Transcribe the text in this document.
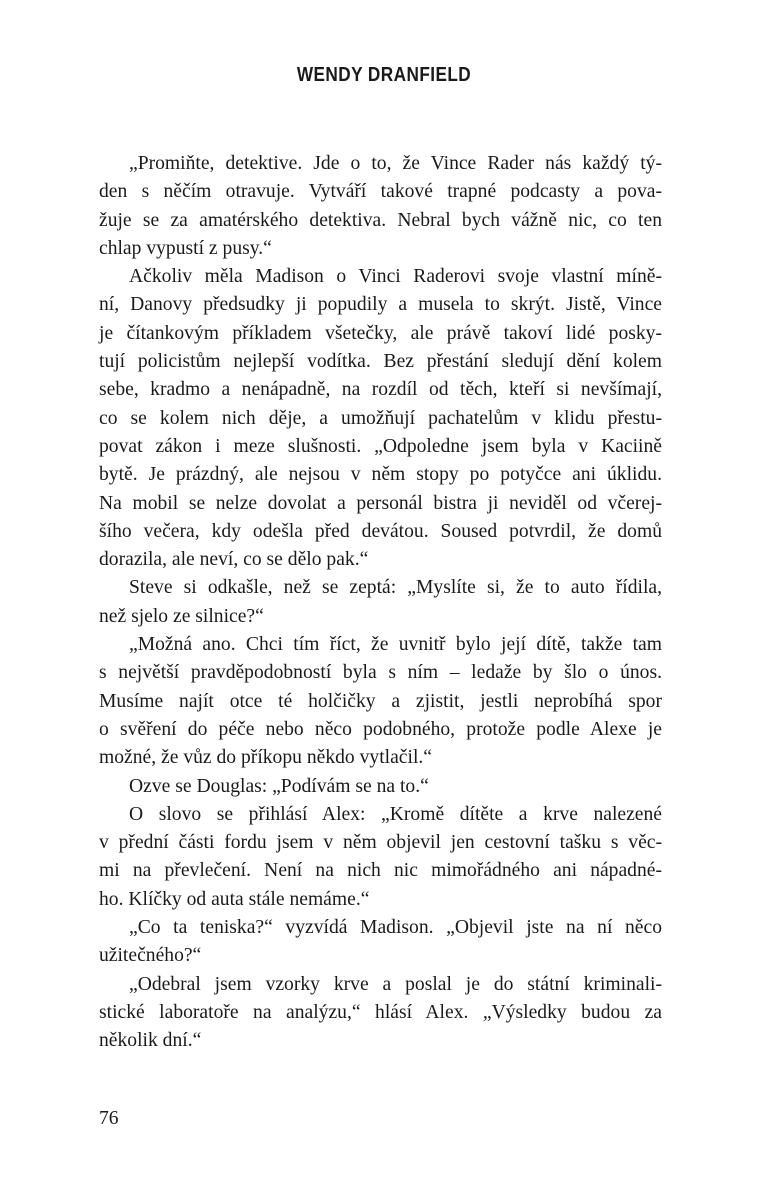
WENDY DRANFIELD
„Promiňte, detektive. Jde o to, že Vince Rader nás každý tý-
den s něčím otravuje. Vytváří takové trapné podcasty a pova-
žuje se za amatérského detektiva. Nebral bych vážně nic, co ten
chlap vypustí z pusy.“
Ačkoliv měla Madison o Vinci Raderovi svoje vlastní míně-
ní, Danovy předsudky ji popudily a musela to skrýt. Jistě, Vince
je čítankovým příkladem všetečky, ale právě takoví lidé posky-
tují policistům nejlepší vodítka. Bez přestání sledují dění kolem
sebe, kradmo a nenápadně, na rozdíl od těch, kteří si nevšímají,
co se kolem nich děje, a umožňují pachatelům v klidu přestu-
povat zákon i meze slušnosti. „Odpoledne jsem byla v Kaciině
bytě. Je prázdný, ale nejsou v něm stopy po potyčce ani úklidu.
Na mobil se nelze dovolat a personál bistra ji neviděl od včerej-
šího večera, kdy odešla před devátou. Soused potvrdil, že domů
dorazila, ale neví, co se dělo pak.“
Steve si odkašle, než se zeptá: „Myslíte si, že to auto řídila,
než sjelo ze silnice?“
„Možná ano. Chci tím říct, že uvnitř bylo její dítě, takže tam
s největší pravděpodobností byla s ním – ledaže by šlo o únos.
Musíme najít otce té holčičky a zjistit, jestli neprobíhá spor
o svěření do péče nebo něco podobného, protože podle Alexe je
možné, že vůz do příkopu někdo vytlačil.“
Ozve se Douglas: „Podívám se na to.“
O slovo se přihlásí Alex: „Kromě dítěte a krve nalezené
v přední části fordu jsem v něm objevil jen cestovní tašku s věc-
mi na převlečení. Není na nich nic mimořádného ani nápadné-
ho. Klíčky od auta stále nemáme.“
„Co ta teniska?“ vyzvídá Madison. „Objevil jste na ní něco
užitečného?“
„Odebral jsem vzorky krve a poslal je do státní kriminali-
stické laboratoře na analýzu,“ hlásí Alex. „Výsledky budou za
několik dní.“
76
